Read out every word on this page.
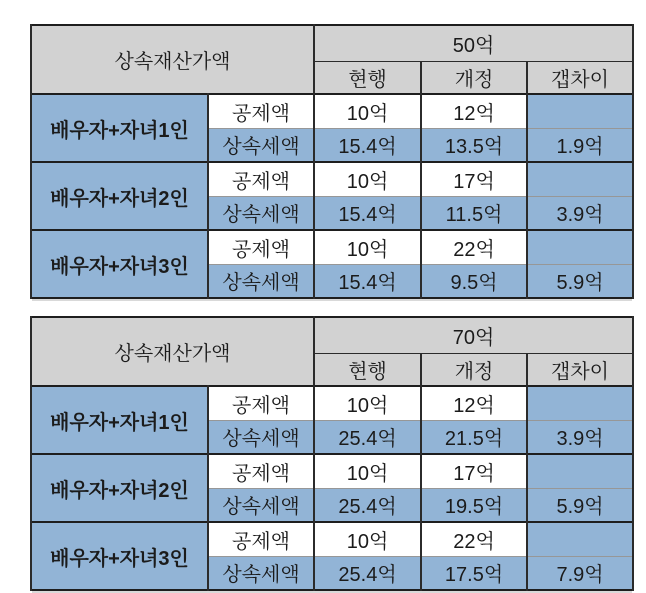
상속재산가액		50억		
		현행	개정	갭차이
배우자+자녀1인	공제액	10억	12억	
	상속세액	15.4억	13.5억	1.9억
배우자+자녀2인	공제액	10억	17억	
	상속세액	15.4억	11.5억	3.9억
배우자+자녀3인	공제액	10억	22억	
	상속세액	15.4억	9.5억	5.9억
상속재산가액		70억		
		현행	개정	갭차이
배우자+자녀1인	공제액	10억	12억	
	상속세액	25.4억	21.5억	3.9억
배우자+자녀2인	공제액	10억	17억	
	상속세액	25.4억	19.5억	5.9억
배우자+자녀3인	공제액	10억	22억	
	상속세액	25.4억	17.5억	7.9억
